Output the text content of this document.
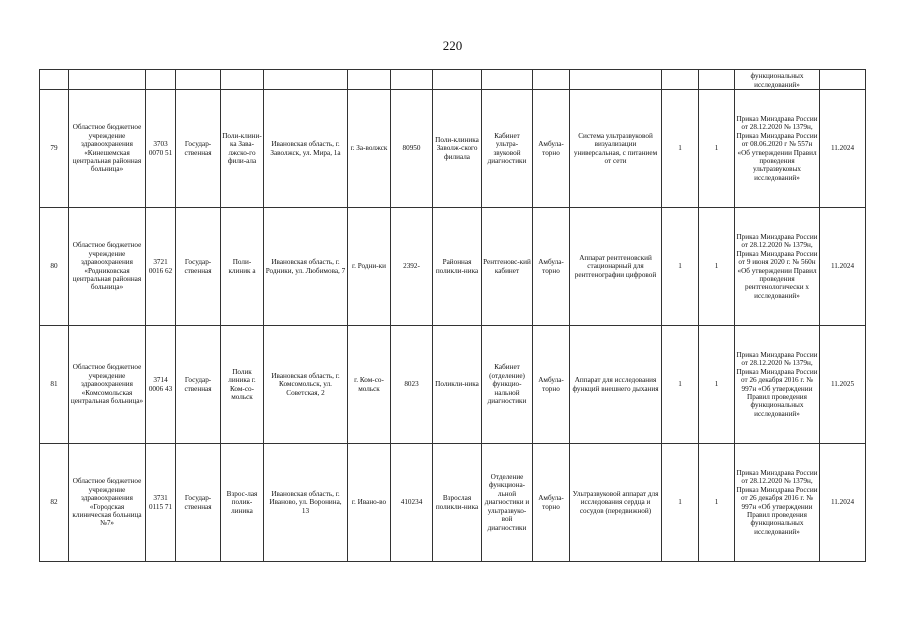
220
														функциональных исследований»	
79	Областное бюджетное учреждение здравоохранения «Кинешемская центральная районная больница»	3703 0070 51	Государ-ственная	Поли-клини-ка Зава-лжско-го фили-ала	Ивановская область, г. Заволжск, ул. Мира, 1а	г. За-волжск	80950	Поли-клиника Заволж-ского филиала	Кабинет ультра-звуковой диагностики	Амбула-торно	Система ультразвуковой визуализации универсальная, с питанием от сети	1	1	Приказ Минздрава России от 28.12.2020 № 1379н, Приказ Минздрава России от 08.06.2020 г № 557н «Об утверждении Правил проведения ультразвуковых исследований»	11.2024
80	Областное бюджетное учреждение здравоохранения «Родниковская центральная районная больница»	3721 0016 62	Государ-ственная	Поли-клиник а	Ивановская область, г. Родники, ул. Любимова, 7	г. Родни-ки	2392-	Районная поликли-ника	Рентгеновс-кий кабинет	Амбула-торно	Аппарат рентгеновский стационарный для рентгенографии цифровой	1	1	Приказ Минздрава России от 28.12.2020 № 1379н, Приказ Минздрава России от 9 июня 2020 г. № 560н «Об утверждении Правил проведения рентгенологически х исследований»	11.2024
81	Областное бюджетное учреждение здравоохранения «Комсомольская центральная больница»	3714 0006 43	Государ-ственная	Полик линика г. Ком-со-мольск	Ивановская область, г. Комсомольск, ул. Советская, 2	г. Ком-со-мольск	8023	Поликли-ника	Кабинет (отделение) функцио-нальной диагностики	Амбула-торно	Аппарат для исследования функций внешнего дыхания	1	1	Приказ Минздрава России от 28.12.2020 № 1379н, Приказ Минздрава России от 26 декабря 2016 г. № 997н «Об утверждении Правил проведения функциональных исследований»	11.2025
82	Областное бюджетное учреждение здравоохранения «Городская клиническая больница №7»	3731 0115 71	Государ-ственная	Взрос-лая полик-линика	Ивановская область, г. Иваново, ул. Воронина, 13	г. Ивано-во	410234	Взрослая поликли-ника	Отделение функциона-льной диагностики и ультразвуко-вой диагностики	Амбула-торно	Ультразвуковой аппарат для исследования сердца и сосудов (передвижной)	1	1	Приказ Минздрава России от 28.12.2020 № 1379н, Приказ Минздрава России от 26 декабря 2016 г. № 997н «Об утверждении Правил проведения функциональных исследований»	11.2024
